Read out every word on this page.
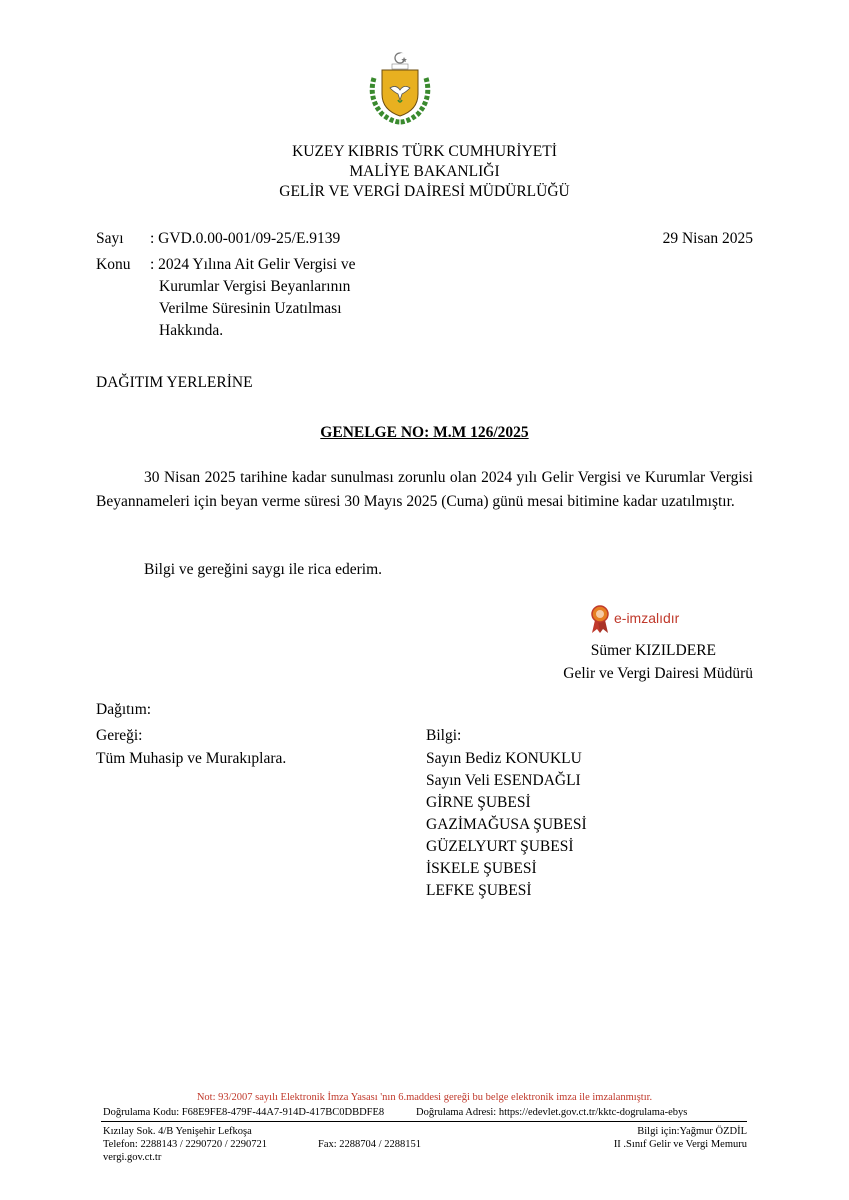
KUZEY KIBRIS TÜRK CUMHURİYETİ
MALİYE BAKANLIĞI
GELİR VE VERGİ DAİRESİ MÜDÜRLÜĞÜ
Sayı : GVD.0.00-001/09-25/E.9139	29 Nisan 2025
Konu : 2024 Yılına Ait Gelir Vergisi ve
Kurumlar Vergisi Beyanlarının
Verilme Süresinin Uzatılması
Hakkında.
DAĞITIM YERLERİNE
GENELGE NO: M.M 126/2025
30 Nisan 2025 tarihine kadar sunulması zorunlu olan 2024 yılı Gelir Vergisi ve Kurumlar Vergisi Beyannameleri için beyan verme süresi 30 Mayıs 2025 (Cuma) günü mesai bitimine kadar uzatılmıştır.
Bilgi ve gereğini saygı ile rica ederim.
e-imzalıdır
Sümer KIZILDERE
Gelir ve Vergi Dairesi Müdürü
Dağıtım:
Gereği:
Tüm Muhasip ve Murakıplara.
Bilgi:
Sayın Bediz KONUKLU
Sayın Veli ESENDAĞLI
GİRNE ŞUBESİ
GAZİMAĞUSA ŞUBESİ
GÜZELYURT ŞUBESİ
İSKELE ŞUBESİ
LEFKE ŞUBESİ
Not: 93/2007 sayılı Elektronik İmza Yasası 'nın 6.maddesi gereği bu belge elektronik imza ile imzalanmıştır.
Doğrulama Kodu: F68E9FE8-479F-44A7-914D-417BC0DBDFE8	Doğrulama Adresi: https://edevlet.gov.ct.tr/kktc-dogrulama-ebys
Kızılay Sok. 4/B Yenişehir Lefkoşa
Telefon: 2288143 / 2290720 / 2290721	Fax: 2288704 / 2288151
vergi.gov.ct.tr
Bilgi için:Yağmur ÖZDİL
II .Sınıf Gelir ve Vergi Memuru
